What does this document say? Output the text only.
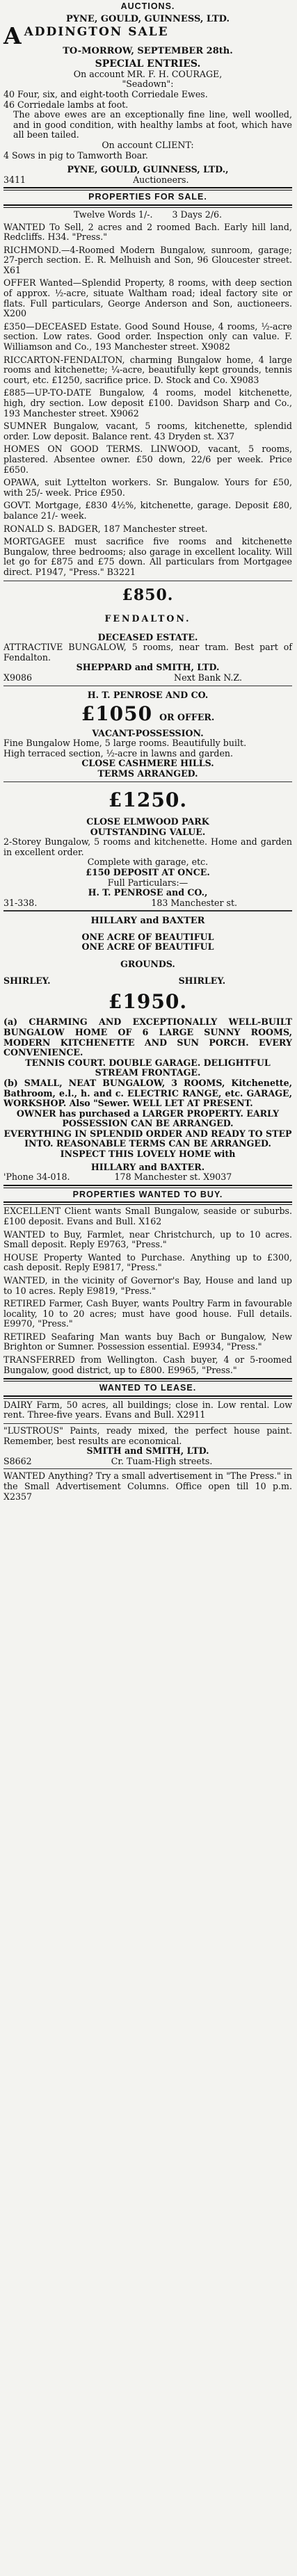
AUCTIONS.
PYNE, GOULD, GUINNESS, LTD.
A ADDINGTON SALE
TO-MORROW, SEPTEMBER 28th.
SPECIAL ENTRIES.
On account MR. F. H. COURAGE,
"Seadown":

40 Four, six, and eight-tooth Corriedale Ewes.

46 Corriedale lambs at foot.

The above ewes are an exceptionally fine line, well woolled, and in good condition, with healthy lambs at foot, which have all been tailed.

On account CLIENT:

4 Sows in pig to Tamworth Boar.

PYNE, GOULD, GUINNESS, LTD.,
3411	Auctioneers.
PROPERTIES FOR SALE.
Twelve Words 1/-. 3 Days 2/6.

WANTED To Sell, 2 acres and 2 roomed Bach. Early hill land, Redcliffs. H34. "Press."

RICHMOND.—4-Roomed Modern Bungalow, sunroom, garage; 27-perch section. E. R. Melhuish and Son, 96 Gloucester street. X61

OFFER Wanted—Splendid Property, 8 rooms, with deep section of approx. ½-acre, situate Waltham road; ideal factory site or flats. Full particulars, George Anderson and Son, auctioneers. X200

£350—DECEASED Estate. Good Sound House, 4 rooms, ½-acre section. Low rates. Good order. Inspection only can value. F. Williamson and Co., 193 Manchester street. X9082

RICCARTON-FENDALTON, charming Bungalow home, 4 large rooms and kitchenette; ¼-acre, beautifully kept grounds, tennis court, etc. £1250, sacrifice price. D. Stock and Co. X9083

£885—UP-TO-DATE Bungalow, 4 rooms, model kitchenette, high, dry section. Low deposit £100. Davidson Sharp and Co., 193 Manchester street. X9062

SUMNER Bungalow, vacant, 5 rooms, kitchenette, splendid order. Low deposit. Balance rent. 43 Dryden st. X37

HOMES ON GOOD TERMS. LINWOOD, vacant, 5 rooms, plastered. Absentee owner. £50 down, 22/6 per week. Price £650.

OPAWA, suit Lyttelton workers. Sr. Bungalow. Yours for £50, with 25/- week. Price £950.

GOVT. Mortgage, £830 4½%, kitchenette, garage. Deposit £80, balance 21/- week.

RONALD S. BADGER, 187 Manchester street.

MORTGAGEE must sacrifice five rooms and kitchenette Bungalow, three bedrooms; also garage in excellent locality. Will let go for £875 and £75 down. All particulars from Mortgagee direct. P1947, "Press." B3221

£850.
FENDALTON.
DECEASED ESTATE.

ATTRACTIVE BUNGALOW, 5 rooms, near tram. Best part of Fendalton.

SHEPPARD and SMITH, LTD.
X9086	Next Bank N.Z.
H. T. PENROSE AND CO.
£1050 OR OFFER.
VACANT-POSSESSION.

Fine Bungalow Home, 5 large rooms. Beautifully built.

High terraced section, ½-acre in lawns and garden.

CLOSE CASHMERE HILLS.
TERMS ARRANGED.
£1250.
CLOSE ELMWOOD PARK
OUTSTANDING VALUE.

2-Storey Bungalow, 5 rooms and kitchenette. Home and garden in excellent order.

Complete with garage, etc.
£150 DEPOSIT AT ONCE.
Full Particulars:—
H. T. PENROSE and CO.,
31-338.	183 Manchester st.
HILLARY and BAXTER
ONE ACRE OF BEAUTIFUL
ONE ACRE OF BEAUTIFUL
GROUNDS.
SHIRLEY.	SHIRLEY.
£1950.

(a) CHARMING AND EXCEPTIONALLY WELL-BUILT BUNGALOW HOME OF 6 LARGE SUNNY ROOMS, MODERN KITCHENETTE AND SUN PORCH. EVERY CONVENIENCE.

TENNIS COURT. DOUBLE GARAGE. DELIGHTFUL STREAM FRONTAGE.

(b) SMALL, NEAT BUNGALOW, 3 ROOMS, Kitchenette, Bathroom, e.l., h. and c. ELECTRIC RANGE, etc. GARAGE, WORKSHOP. Also "Sewer. WELL LET AT PRESENT.

OWNER has purchased a LARGER PROPERTY. EARLY POSSESSION CAN BE ARRANGED.

EVERYTHING IN SPLENDID ORDER AND READY TO STEP INTO. REASONABLE TERMS CAN BE ARRANGED.

INSPECT THIS LOVELY HOME with
HILLARY and BAXTER.
'Phone 34-018.	178 Manchester st. X9037
PROPERTIES WANTED TO BUY.

EXCELLENT Client wants Small Bungalow, seaside or suburbs. £100 deposit. Evans and Bull. X162

WANTED to Buy, Farmlet, near Christchurch, up to 10 acres. Small deposit. Reply E9763, "Press."

HOUSE Property Wanted to Purchase. Anything up to £300, cash deposit. Reply E9817, "Press."

WANTED, in the vicinity of Governor's Bay, House and land up to 10 acres. Reply E9819, "Press."

RETIRED Farmer, Cash Buyer, wants Poultry Farm in favourable locality, 10 to 20 acres; must have good house. Full details. E9970, "Press."

RETIRED Seafaring Man wants buy Bach or Bungalow, New Brighton or Sumner. Possession essential. E9934, "Press."

TRANSFERRED from Wellington. Cash buyer, 4 or 5-roomed Bungalow, good district, up to £800. E9965, "Press."

WANTED TO LEASE.

DAIRY Farm, 50 acres, all buildings; close in. Low rental. Low rent. Three-five years. Evans and Bull. X2911

"LUSTROUS" Paints, ready mixed, the perfect house paint. Remember, best results are economical.

SMITH and SMITH, LTD.
S8662	Cr. Tuam-High streets.

WANTED Anything? Try a small advertisement in "The Press." in the Small Advertisement Columns. Office open till 10 p.m. X2357
